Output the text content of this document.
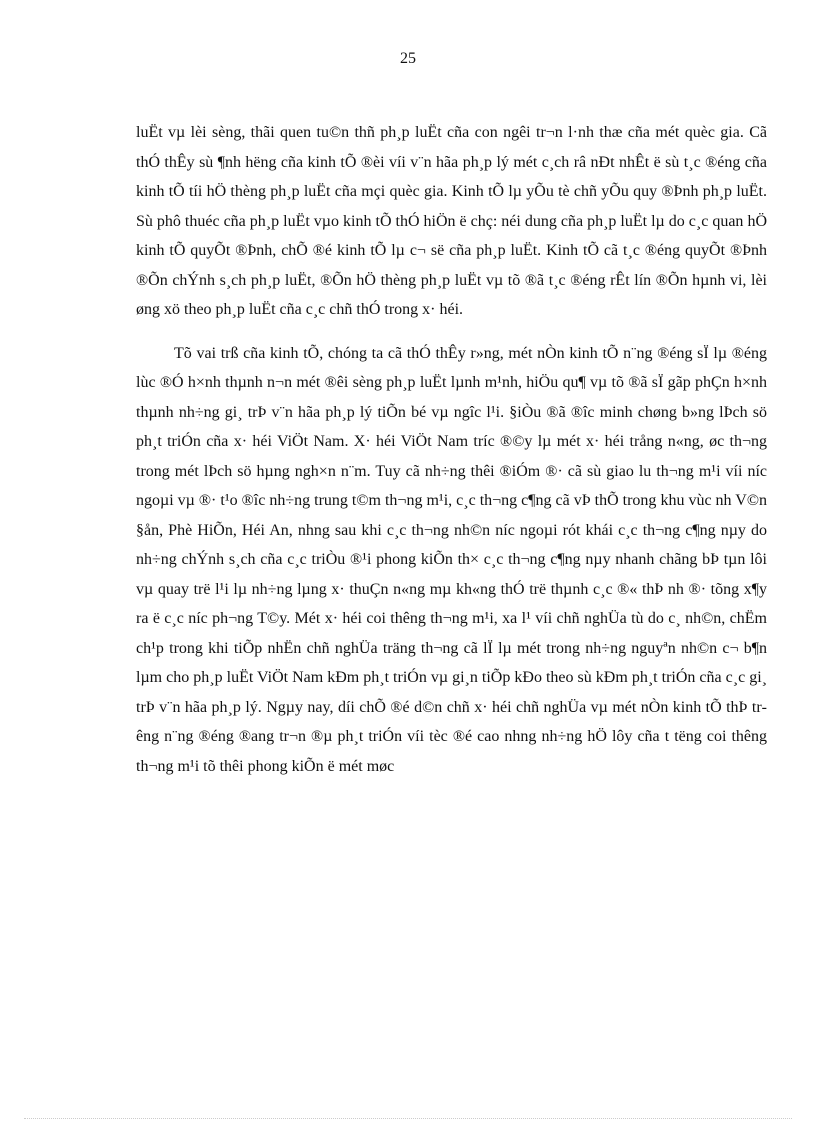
25

luËt vµ lèi sèng, thãi quen tu©n thñ ph¸p luËt cña con ngêi tr¬n l·nh thæ cña mét quèc gia. Cã thÓ thÊy sù ¶nh hëng cña kinh tÕ ®èi víi v¨n hãa ph¸p lý mét c¸ch râ nÐt nhÊt ë sù t¸c ®éng cña kinh tÕ tíi hÖ thèng ph¸p luËt cña mçi quèc gia. Kinh tÕ lµ yÕu tè chñ yÕu quy ®Þnh ph¸p luËt. Sù phô thuéc cña ph¸p luËt vµo kinh tÕ thÓ hiÖn ë chç: néi dung cña ph¸p luËt lµ do c¸c quan hÖ kinh tÕ quyÕt ®Þnh, chÕ ®é kinh tÕ lµ c¬ së cña ph¸p luËt. Kinh tÕ cã t¸c ®éng quyÕt ®Þnh ®Õn chÝnh s¸ch ph¸p luËt, ®Õn hÖ thèng ph¸p luËt vµ tõ ®ã t¸c ®éng rÊt lín ®Õn hµnh vi, lèi øng xö theo ph¸p luËt cña c¸c chñ thÓ trong x· héi.

Tõ vai trß cña kinh tÕ, chóng ta cã thÓ thÊy r»ng, mét nÒn kinh tÕ n¨ng ®éng sÏ lµ ®éng lùc ®Ó h×nh thµnh n¬n mét ®êi sèng ph¸p luËt lµnh m¹nh, hiÖu qu¶ vµ tõ ®ã sÏ gãp phÇn h×nh thµnh nh÷ng gi¸ trÞ v¨n hãa ph¸p lý tiÕn bé vµ ngîc l¹i. §iÒu ®ã ®îc minh chøng b»ng lÞch sö ph¸t triÓn cña x· héi ViÖt Nam. X· héi ViÖt Nam tríc ®©y lµ mét x· héi trång n«ng, øc th¬ng trong mét lÞch sö hµng ngh×n n¨m. Tuy cã nh÷ng thêi ®iÓm ®· cã sù giao lu th¬ng m¹i víi níc ngoµi vµ ®· t¹o ®îc nh÷ng trung t©m th¬ng m¹i, c¸c th¬ng c¶ng cã vÞ thÕ trong khu vùc nh V©n §ån, Phè HiÕn, Héi An, nhng sau khi c¸c th¬ng nh©n níc ngoµi rót khái c¸c th¬ng c¶ng nµy do nh÷ng chÝnh s¸ch cña c¸c triÒu ®¹i phong kiÕn th× c¸c th¬ng c¶ng nµy nhanh chãng bÞ tµn lôi vµ quay trë l¹i lµ nh÷ng lµng x· thuÇn n«ng mµ kh«ng thÓ trë thµnh c¸c ®« thÞ nh ®· tõng x¶y ra ë c¸c níc ph¬ng T©y. Mét x· héi coi thêng th¬ng m¹i, xa l¹ víi chñ nghÜa tù do c¸ nh©n, chËm ch¹p trong khi tiÕp nhËn chñ nghÜa träng th¬ng cã lÏ lµ mét trong nh÷ng nguyªn nh©n c¬ b¶n lµm cho ph¸p luËt ViÖt Nam kÐm ph¸t triÓn vµ gi¸n tiÕp kÐo theo sù kÐm ph¸t triÓn cña c¸c gi¸ trÞ v¨n hãa ph¸p lý. Ngµy nay, díi chÕ ®é d©n chñ x· héi chñ nghÜa vµ mét nÒn kinh tÕ thÞ trêng n¨ng ®éng ®ang tr¬n ®µ ph¸t triÓn víi tèc ®é cao nhng nh÷ng hÖ lôy cña t tëng coi thêng th¬ng m¹i tõ thêi phong kiÕn ë mét møc
